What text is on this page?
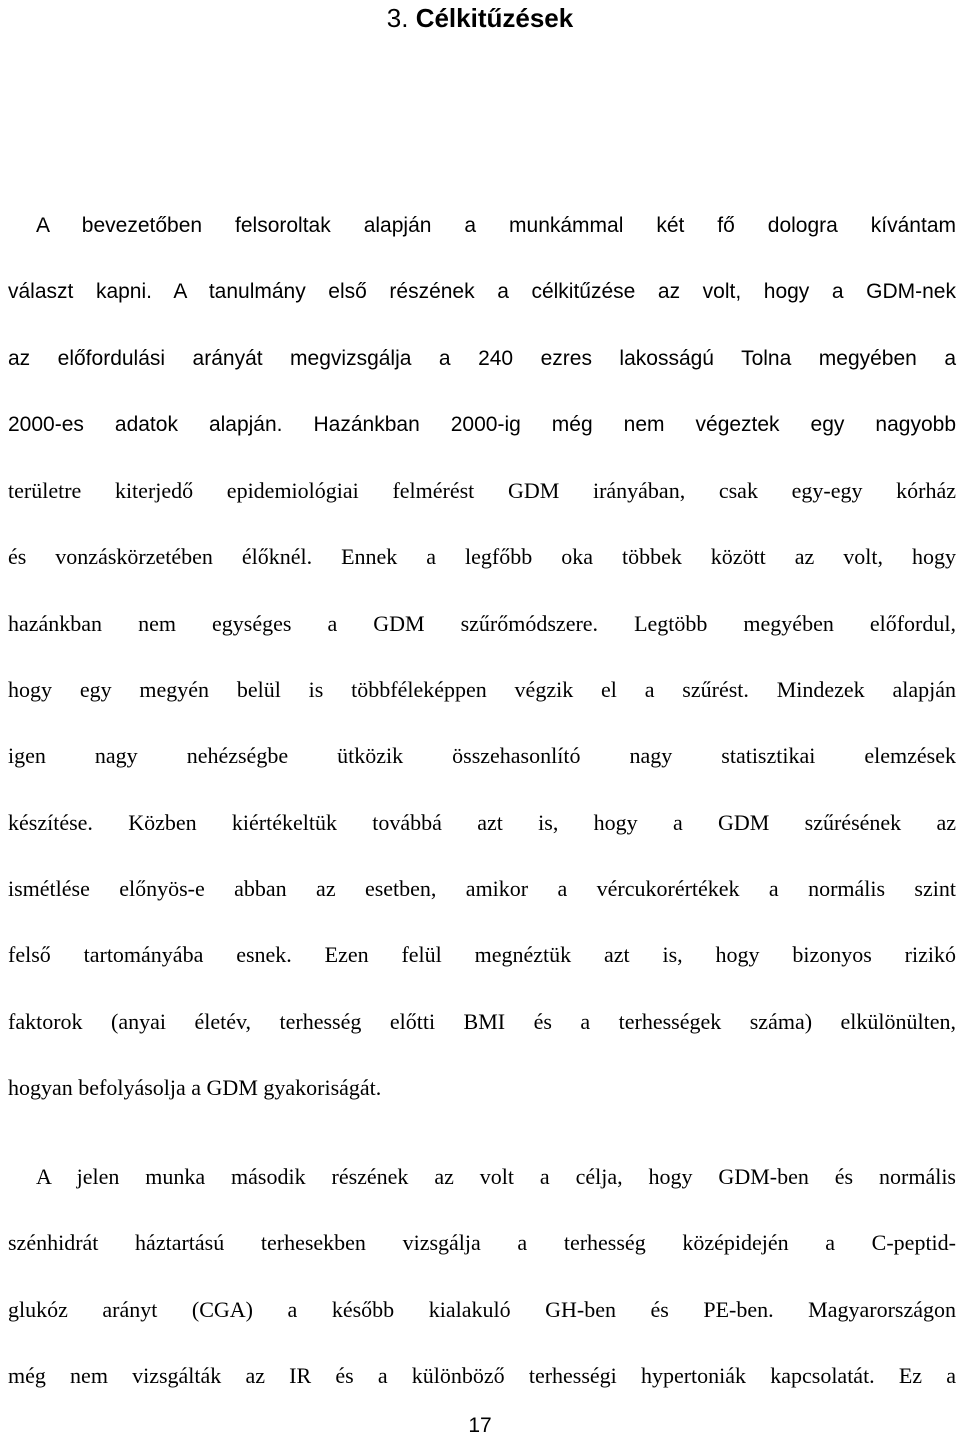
3. Célkitűzések
A bevezetőben felsoroltak alapján a munkámmal két fő dologra kívántam
választ kapni. A tanulmány első részének a célkitűzése az volt, hogy a GDM-nek
az előfordulási arányát megvizsgálja a 240 ezres lakosságú Tolna megyében a
2000-es adatok alapján. Hazánkban 2000-ig még nem végeztek egy nagyobb
területre kiterjedő epidemiológiai felmérést GDM irányában, csak egy-egy kórház
és vonzáskörzetében élőknél. Ennek a legfőbb oka többek között az volt, hogy
hazánkban nem egységes a GDM szűrőmódszere. Legtöbb megyében előfordul,
hogy egy megyén belül is többféleképpen végzik el a szűrést. Mindezek alapján
igen nagy nehézségbe ütközik összehasonlító nagy statisztikai elemzések
készítése. Közben kiértékeltük továbbá azt is, hogy a GDM szűrésének az
ismétlése előnyös-e abban az esetben, amikor a vércukorértékek a normális szint
felső tartományába esnek. Ezen felül megnéztük azt is, hogy bizonyos rizikó
faktorok (anyai életév, terhesség előtti BMI és a terhességek száma) elkülönülten,
hogyan befolyásolja a GDM gyakoriságát.
A jelen munka második részének az volt a célja, hogy GDM-ben és normális
szénhidrát háztartású terhesekben vizsgálja a terhesség középidején a C-peptid-
glukóz arányt (CGA) a később kialakuló GH-ben és PE-ben. Magyarországon
még nem vizsgálták az IR és a különböző terhességi hypertoniák kapcsolatát. Ez a
17
